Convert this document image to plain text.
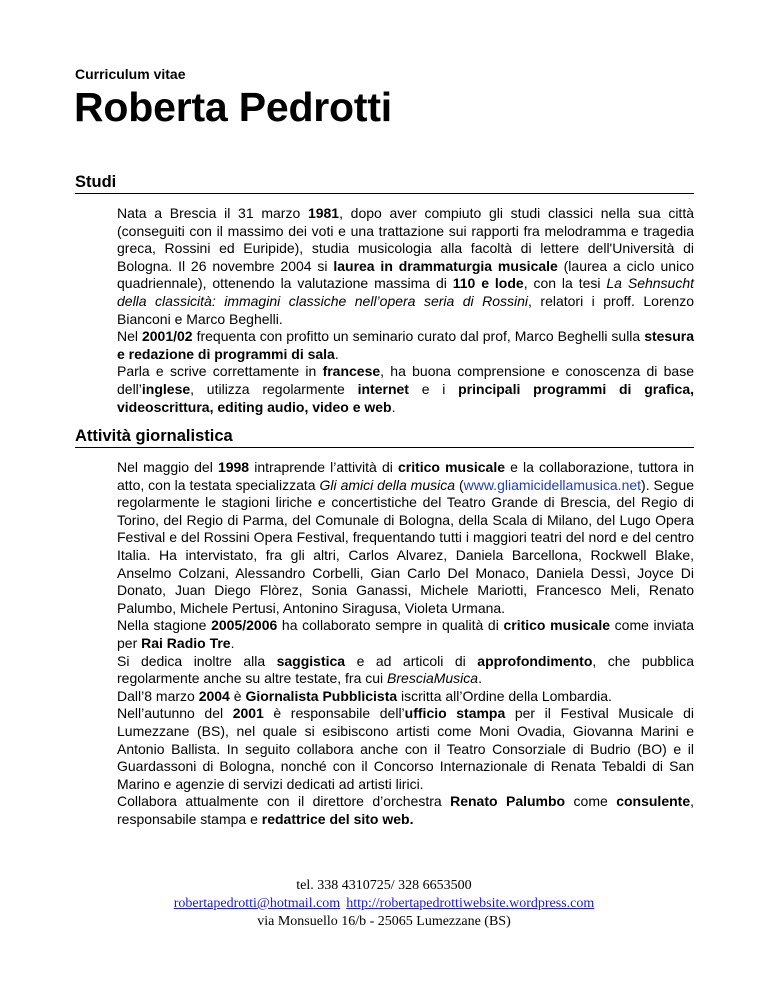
Curriculum vitae
Roberta Pedrotti
Studi

Nata a Brescia il 31 marzo 1981, dopo aver compiuto gli studi classici nella sua città (conseguiti con il massimo dei voti e una trattazione sui rapporti fra melodramma e tragedia greca, Rossini ed Euripide), studia musicologia alla facoltà di lettere dell'Università di Bologna. Il 26 novembre 2004 si laurea in drammaturgia musicale (laurea a ciclo unico quadriennale), ottenendo la valutazione massima di 110 e lode, con la tesi La Sehnsucht della classicità: immagini classiche nell’opera seria di Rossini, relatori i proff. Lorenzo Bianconi e Marco Beghelli.

Nel 2001/02 frequenta con profitto un seminario curato dal prof, Marco Beghelli sulla stesura e redazione di programmi di sala.

Parla e scrive correttamente in francese, ha buona comprensione e conoscenza di base dell’inglese, utilizza regolarmente internet e i principali programmi di grafica, videoscrittura, editing audio, video e web.

Attività giornalistica

Nel maggio del 1998 intraprende l’attività di critico musicale e la collaborazione, tuttora in atto, con la testata specializzata Gli amici della musica (www.gliamicidellamusica.net). Segue regolarmente le stagioni liriche e concertistiche del Teatro Grande di Brescia, del Regio di Torino, del Regio di Parma, del Comunale di Bologna, della Scala di Milano, del Lugo Opera Festival e del Rossini Opera Festival, frequentando tutti i maggiori teatri del nord e del centro Italia. Ha intervistato, fra gli altri, Carlos Alvarez, Daniela Barcellona, Rockwell Blake, Anselmo Colzani, Alessandro Corbelli, Gian Carlo Del Monaco, Daniela Dessì, Joyce Di Donato, Juan Diego Flòrez, Sonia Ganassi, Michele Mariotti, Francesco Meli, Renato Palumbo, Michele Pertusi, Antonino Siragusa, Violeta Urmana.

Nella stagione 2005/2006 ha collaborato sempre in qualità di critico musicale come inviata per Rai Radio Tre.

Si dedica inoltre alla saggistica e ad articoli di approfondimento, che pubblica regolarmente anche su altre testate, fra cui BresciaMusica.

Dall’8 marzo 2004 è Giornalista Pubblicista iscritta all’Ordine della Lombardia.

Nell’autunno del 2001 è responsabile dell’ufficio stampa per il Festival Musicale di Lumezzane (BS), nel quale si esibiscono artisti come Moni Ovadia, Giovanna Marini e Antonio Ballista. In seguito collabora anche con il Teatro Consorziale di Budrio (BO) e il Guardassoni di Bologna, nonché con il Concorso Internazionale di Renata Tebaldi di San Marino e agenzie di servizi dedicati ad artisti lirici.

Collabora attualmente con il direttore d’orchestra Renato Palumbo come consulente, responsabile stampa e redattrice del sito web.

tel. 338 4310725/ 328 6653500
robertapedrotti@hotmail.com http://robertapedrottiwebsite.wordpress.com
via Monsuello 16/b - 25065 Lumezzane (BS)
